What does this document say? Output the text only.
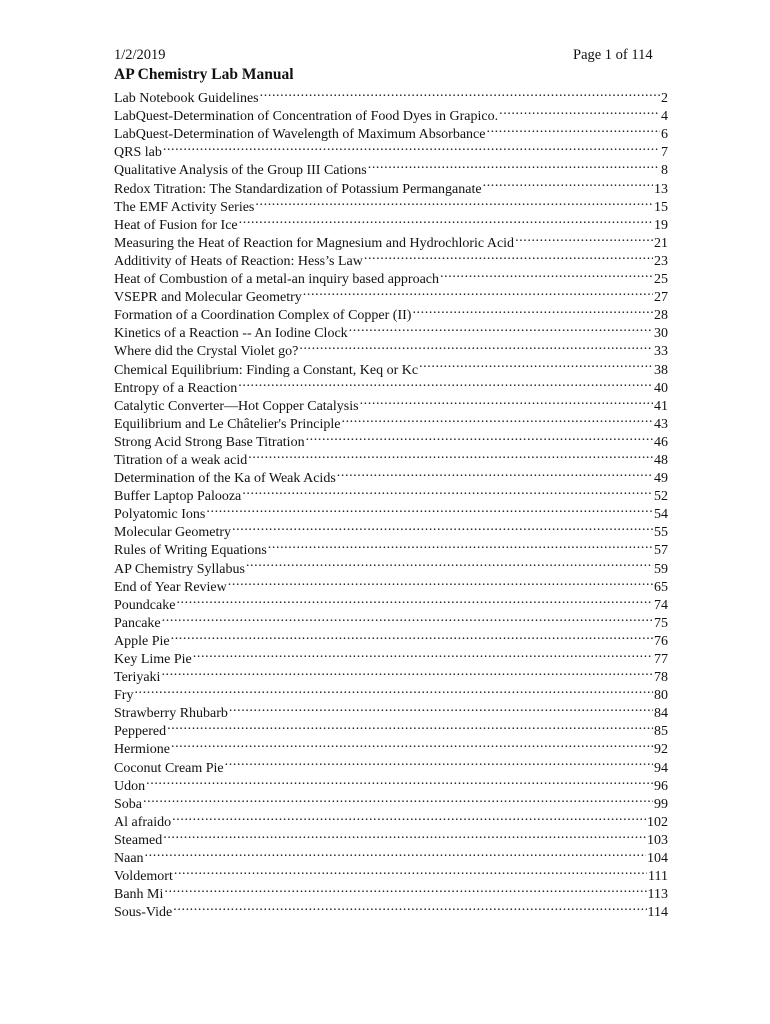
1/2/2019	Page 1 of 114
AP Chemistry Lab Manual
Lab Notebook Guidelines .....	2
LabQuest-Determination of Concentration of Food Dyes in Grapico. .....	4
LabQuest-Determination of Wavelength of Maximum Absorbance .....	6
QRS lab .....	7
Qualitative Analysis of the Group III Cations .....	8
Redox Titration: The Standardization of Potassium Permanganate .....	13
The EMF Activity Series .....	15
Heat of Fusion for Ice .....	19
Measuring the Heat of Reaction for Magnesium and Hydrochloric Acid .....	21
Additivity of Heats of Reaction: Hess’s Law .....	23
Heat of Combustion of a metal-an inquiry based approach .....	25
VSEPR and Molecular Geometry .....	27
Formation of a Coordination Complex of Copper (II) .....	28
Kinetics of a Reaction -- An Iodine Clock .....	30
Where did the Crystal Violet go? .....	33
Chemical Equilibrium: Finding a Constant, Keq or Kc .....	38
Entropy of a Reaction .....	40
Catalytic Converter—Hot Copper Catalysis .....	41
Equilibrium and Le Châtelier's Principle .....	43
Strong Acid Strong Base Titration .....	46
Titration of a weak acid .....	48
Determination of the Ka of Weak Acids .....	49
Buffer Laptop Palooza .....	52
Polyatomic Ions .....	54
Molecular Geometry .....	55
Rules of Writing Equations .....	57
AP Chemistry Syllabus .....	59
End of Year Review .....	65
Poundcake .....	74
Pancake .....	75
Apple Pie .....	76
Key Lime Pie .....	77
Teriyaki .....	78
Fry .....	80
Strawberry Rhubarb .....	84
Peppered .....	85
Hermione .....	92
Coconut Cream Pie .....	94
Udon .....	96
Soba .....	99
Al afraido .....	102
Steamed .....	103
Naan .....	104
Voldemort .....	111
Banh Mi .....	113
Sous-Vide .....	114
